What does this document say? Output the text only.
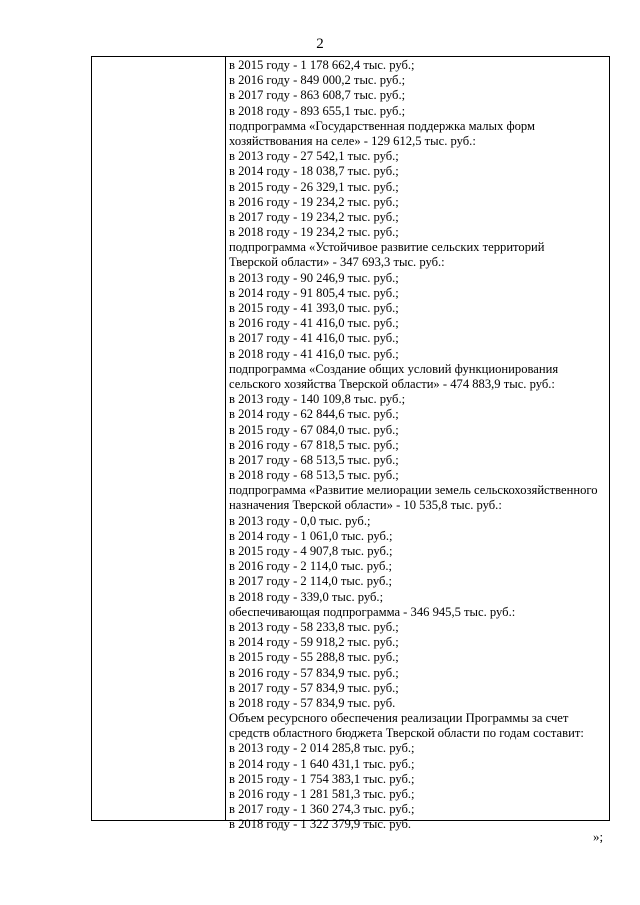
2
в 2015 году - 1 178 662,4 тыс. руб.;
в 2016 году - 849 000,2 тыс. руб.;
в 2017 году - 863 608,7 тыс. руб.;
в 2018 году - 893 655,1 тыс. руб.;
подпрограмма «Государственная поддержка малых форм
хозяйствования на селе» - 129 612,5 тыс. руб.:
в 2013 году - 27 542,1 тыс. руб.;
в 2014 году - 18 038,7 тыс. руб.;
в 2015 году - 26 329,1 тыс. руб.;
в 2016 году - 19 234,2 тыс. руб.;
в 2017 году - 19 234,2 тыс. руб.;
в 2018 году - 19 234,2 тыс. руб.;
подпрограмма «Устойчивое развитие сельских территорий
Тверской области» - 347 693,3 тыс. руб.:
в 2013 году - 90 246,9 тыс. руб.;
в 2014 году - 91 805,4 тыс. руб.;
в 2015 году - 41 393,0 тыс. руб.;
в 2016 году - 41 416,0 тыс. руб.;
в 2017 году - 41 416,0 тыс. руб.;
в 2018 году - 41 416,0 тыс. руб.;
подпрограмма «Создание общих условий функционирования
сельского хозяйства Тверской области» - 474 883,9 тыс. руб.:
в 2013 году - 140 109,8 тыс. руб.;
в 2014 году - 62 844,6 тыс. руб.;
в 2015 году - 67 084,0 тыс. руб.;
в 2016 году - 67 818,5 тыс. руб.;
в 2017 году - 68 513,5 тыс. руб.;
в 2018 году - 68 513,5 тыс. руб.;
подпрограмма «Развитие мелиорации земель сельскохозяйственного
назначения Тверской области» - 10 535,8 тыс. руб.:
в 2013 году - 0,0 тыс. руб.;
в 2014 году - 1 061,0 тыс. руб.;
в 2015 году - 4 907,8 тыс. руб.;
в 2016 году - 2 114,0 тыс. руб.;
в 2017 году - 2 114,0 тыс. руб.;
в 2018 году - 339,0 тыс. руб.;
обеспечивающая подпрограмма - 346 945,5 тыс. руб.:
в 2013 году - 58 233,8 тыс. руб.;
в 2014 году - 59 918,2 тыс. руб.;
в 2015 году - 55 288,8 тыс. руб.;
в 2016 году - 57 834,9 тыс. руб.;
в 2017 году - 57 834,9 тыс. руб.;
в 2018 году - 57 834,9 тыс. руб.
Объем ресурсного обеспечения реализации Программы за счет
средств областного бюджета Тверской области по годам составит:
в 2013 году - 2 014 285,8 тыс. руб.;
в 2014 году - 1 640 431,1 тыс. руб.;
в 2015 году - 1 754 383,1 тыс. руб.;
в 2016 году - 1 281 581,3 тыс. руб.;
в 2017 году - 1 360 274,3 тыс. руб.;
в 2018 году - 1 322 379,9 тыс. руб.
»;
